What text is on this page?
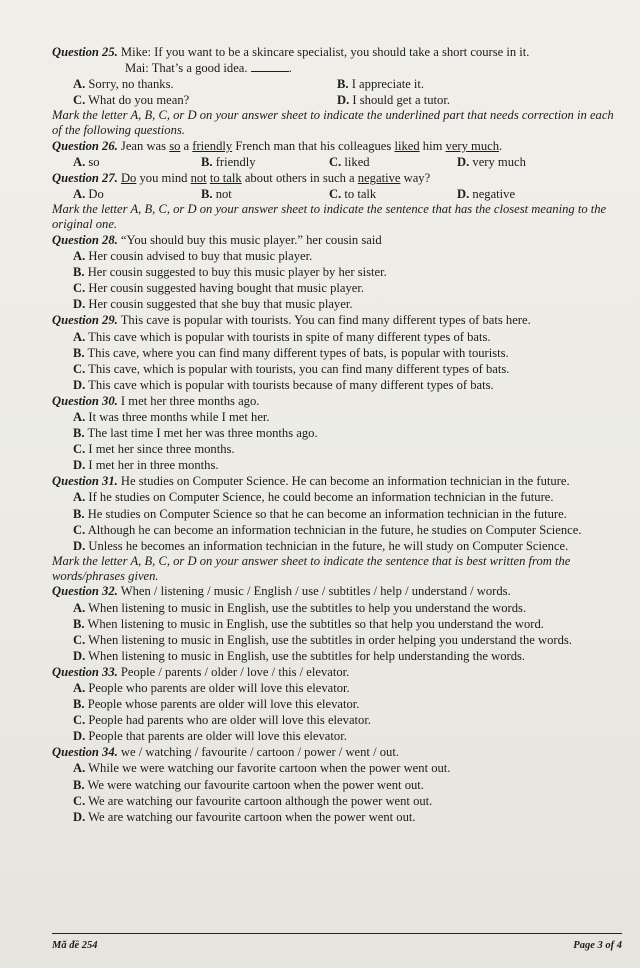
Question 25. Mike: If you want to be a skincare specialist, you should take a short course in it.
Mai: That’s a good idea.	.
A. Sorry, no thanks.	B. I appreciate it.
C. What do you mean?	D. I should get a tutor.
Mark the letter A, B, C, or D on your answer sheet to indicate the underlined part that needs correction in each of the following questions.
Question 26. Jean was so a friendly French man that his colleagues liked him very much.
A. so	B. friendly	C. liked	D. very much
Question 27. Do you mind not to talk about others in such a negative way?
A. Do	B. not	C. to talk	D. negative
Mark the letter A, B, C, or D on your answer sheet to indicate the sentence that has the closest meaning to the original one.
Question 28. “You should buy this music player.” her cousin said
A. Her cousin advised to buy that music player.
B. Her cousin suggested to buy this music player by her sister.
C. Her cousin suggested having bought that music player.
D. Her cousin suggested that she buy that music player.
Question 29. This cave is popular with tourists. You can find many different types of bats here.
A. This cave which is popular with tourists in spite of many different types of bats.
B. This cave, where you can find many different types of bats, is popular with tourists.
C. This cave, which is popular with tourists, you can find many different types of bats.
D. This cave which is popular with tourists because of many different types of bats.
Question 30. I met her three months ago.
A. It was three months while I met her.
B. The last time I met her was three months ago.
C. I met her since three months.
D. I met her in three months.
Question 31. He studies on Computer Science. He can become an information technician in the future.
A. If he studies on Computer Science, he could become an information technician in the future.
B. He studies on Computer Science so that he can become an information technician in the future.
C. Although he can become an information technician in the future, he studies on Computer Science.
D. Unless he becomes an information technician in the future, he will study on Computer Science.
Mark the letter A, B, C, or D on your answer sheet to indicate the sentence that is best written from the words/phrases given.
Question 32. When / listening / music / English / use / subtitles / help / understand / words.
A. When listening to music in English, use the subtitles to help you understand the words.
B. When listening to music in English, use the subtitles so that help you understand the word.
C. When listening to music in English, use the subtitles in order helping you understand the words.
D. When listening to music in English, use the subtitles for help understanding the words.
Question 33. People / parents / older / love / this / elevator.
A. People who parents are older will love this elevator.
B. People whose parents are older will love this elevator.
C. People had parents who are older will love this elevator.
D. People that parents are older will love this elevator.
Question 34. we / watching / favourite / cartoon / power / went / out.
A. While we were watching our favorite cartoon when the power went out.
B. We were watching our favourite cartoon when the power went out.
C. We are watching our favourite cartoon although the power went out.
D. We are watching our favourite cartoon when the power went out.
Mã đề 254	Page 3 of 4
